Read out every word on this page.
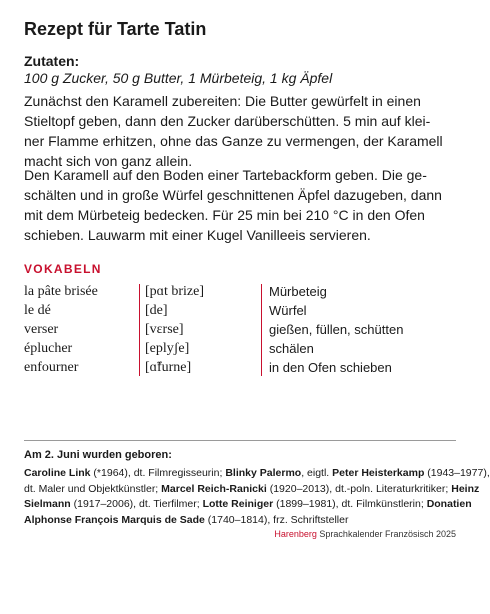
Rezept für Tarte Tatin
Zutaten:
100 g Zucker, 50 g Butter, 1 Mürbeteig, 1 kg Äpfel

Zunächst den Karamell zubereiten: Die Butter gewürfelt in einen
Stieltopf geben, dann den Zucker darüberschütten. 5 min auf klei-
ner Flamme erhitzen, ohne das Ganze zu vermengen, der Karamell
macht sich von ganz allein.

Den Karamell auf den Boden einer Tartebackform geben. Die ge-
schälten und in große Würfel geschnittenen Äpfel dazugeben, dann
mit dem Mürbeteig bedecken. Für 25 min bei 210 °C in den Ofen
schieben. Lauwarm mit einer Kugel Vanilleeis servieren.

VOKABELN
la pâte brisée	[pɑt brize]	Mürbeteig
le dé	[de]	Würfel
verser	[vɛrse]	gießen, füllen, schütten
éplucher	[eplyʃe]	schälen
enfourner	[ɑ̃furne]	in den Ofen schieben
Am 2. Juni wurden geboren:
Caroline Link (*1964), dt. Filmregisseurin; Blinky Palermo, eigtl. Peter Heisterkamp (1943–1977),
dt. Maler und Objektkünstler; Marcel Reich-Ranicki (1920–2013), dt.-poln. Literaturkritiker; Heinz
Sielmann (1917–2006), dt. Tierfilmer; Lotte Reiniger (1899–1981), dt. Filmkünstlerin; Donatien
Alphonse François Marquis de Sade (1740–1814), frz. Schriftsteller
Harenberg Sprachkalender Französisch 2025
